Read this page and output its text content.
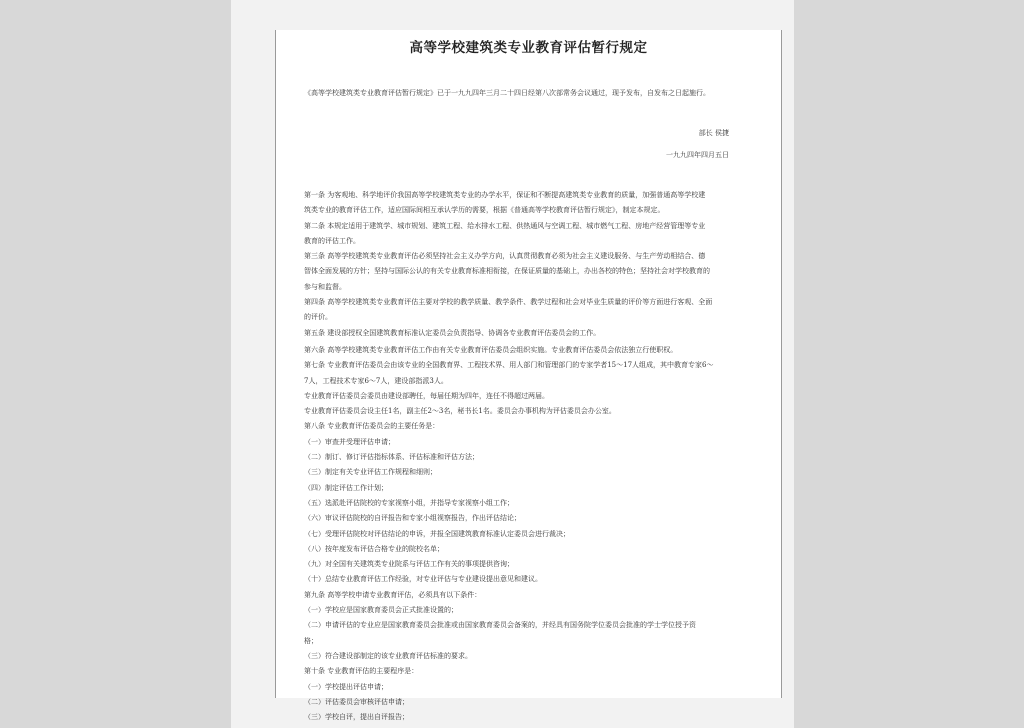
高等学校建筑类专业教育评估暂行规定
《高等学校建筑类专业教育评估暂行规定》已于一九九四年三月二十四日经第八次部常务会议通过，现予发布，自发布之日起施行。
部长 侯捷
一九九四年四月五日
第一条 为客观地、科学地评价我国高等学校建筑类专业的办学水平，保证和不断提高建筑类专业教育的质量，加强普通高等学校建
筑类专业的教育评估工作，适应国际间相互承认学历的需要，根据《普通高等学校教育评估暂行规定》，制定本规定。
第二条 本规定适用于建筑学、城市规划、建筑工程、给水排水工程、供热通风与空调工程、城市燃气工程、房地产经营管理等专业
教育的评估工作。
第三条 高等学校建筑类专业教育评估必须坚持社会主义办学方向，认真贯彻教育必须为社会主义建设服务、与生产劳动相结合、德
智体全面发展的方针；坚持与国际公认的有关专业教育标准相衔接，在保证质量的基础上，办出各校的特色；坚持社会对学校教育的
参与和监督。
第四条 高等学校建筑类专业教育评估主要对学校的教学质量、教学条件、教学过程和社会对毕业生质量的评价等方面进行客观、全面
的评价。
第五条 建设部授权全国建筑教育标准认定委员会负责指导、协调各专业教育评估委员会的工作。
第六条 高等学校建筑类专业教育评估工作由有关专业教育评估委员会组织实施。专业教育评估委员会依法独立行使职权。
第七条 专业教育评估委员会由该专业的全国教育界、工程技术界、用人部门和管理部门的专家学者15～17人组成，其中教育专家6～
7人，工程技术专家6～7人，建设部指派3人。
专业教育评估委员会委员由建设部聘任，每届任期为四年，连任不得超过两届。
专业教育评估委员会设主任1名，副主任2～3名，秘书长1名。委员会办事机构为评估委员会办公室。
第八条 专业教育评估委员会的主要任务是：
（一）审查并受理评估申请；
（二）制订、修订评估指标体系、评估标准和评估方法；
（三）制定有关专业评估工作规程和细则；
（四）制定评估工作计划；
（五）选派赴评估院校的专家视察小组，并指导专家视察小组工作；
（六）审议评估院校的自评报告和专家小组视察报告，作出评估结论；
（七）受理评估院校对评估结论的申诉，并报全国建筑教育标准认定委员会进行裁决；
（八）按年度发布评估合格专业的院校名单；
（九）对全国有关建筑类专业院系与评估工作有关的事项提供咨询；
（十）总结专业教育评估工作经验，对专业评估与专业建设提出意见和建议。
第九条 高等学校申请专业教育评估，必须具有以下条件：
（一）学校应是国家教育委员会正式批准设置的；
（二）申请评估的专业应是国家教育委员会批准或由国家教育委员会备案的，并经具有国务院学位委员会批准的学士学位授予资
格；
（三）符合建设部制定的该专业教育评估标准的要求。
第十条 专业教育评估的主要程序是：
（一）学校提出评估申请；
（二）评估委员会审核评估申请；
（三）学校自评，提出自评报告；
